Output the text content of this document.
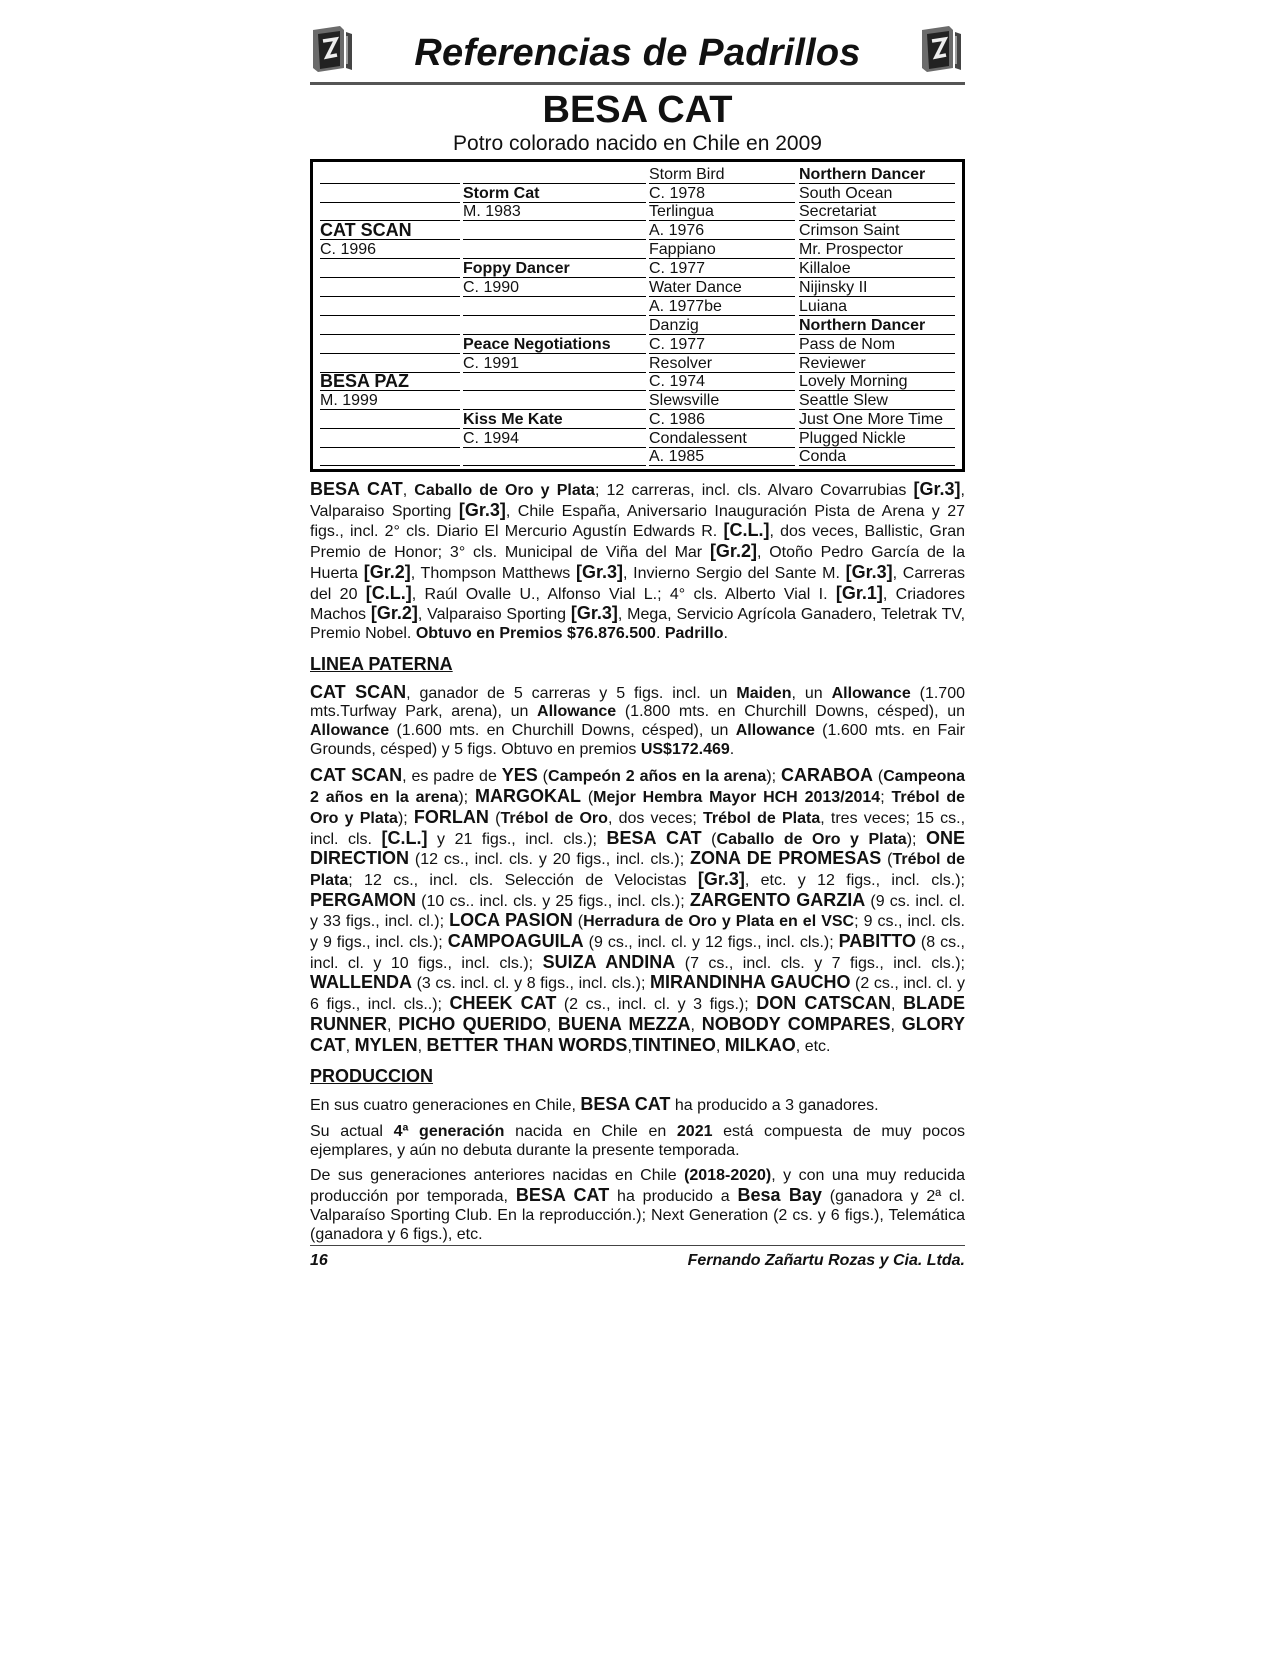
Referencias de Padrillos
BESA CAT
Potro colorado nacido en Chile en 2009
CAT SCAN
C. 1996
BESA PAZ
M. 1999
Storm Cat
M. 1983
Foppy Dancer
C. 1990
Peace Negotiations
C. 1991
Kiss Me Kate
C. 1994
Storm Bird
C. 1978
Terlingua
A. 1976
Fappiano
C. 1977
Water Dance
A. 1977be
Danzig
C. 1977
Resolver
C. 1974
Slewsville
C. 1986
Condalessent
A. 1985
Northern Dancer
South Ocean
Secretariat
Crimson Saint
Mr. Prospector
Killaloe
Nijinsky II
Luiana
Northern Dancer
Pass de Nom
Reviewer
Lovely Morning
Seattle Slew
Just One More Time
Plugged Nickle
Conda
BESA CAT, Caballo de Oro y Plata; 12 carreras, incl. cls. Alvaro Covarrubias [Gr.3], Valparaiso Sporting [Gr.3], Chile España, Aniversario Inauguración Pista de Arena y 27 figs., incl. 2° cls. Diario El Mercurio Agustín Edwards R. [C.L.], dos veces, Ballistic, Gran Premio de Honor; 3° cls. Municipal de Viña del Mar [Gr.2], Otoño Pedro García de la Huerta [Gr.2], Thompson Matthews [Gr.3], Invierno Sergio del Sante M. [Gr.3], Carreras del 20 [C.L.], Raúl Ovalle U., Alfonso Vial L.; 4° cls. Alberto Vial I. [Gr.1], Criadores Machos [Gr.2], Valparaiso Sporting [Gr.3], Mega, Servicio Agrícola Ganadero, Teletrak TV, Premio Nobel. Obtuvo en Premios $76.876.500. Padrillo.
LINEA PATERNA
CAT SCAN, ganador de 5 carreras y 5 figs. incl. un Maiden, un Allowance (1.700 mts.Turfway Park, arena), un Allowance (1.800 mts. en Churchill Downs, césped), un Allowance (1.600 mts. en Churchill Downs, césped), un Allowance (1.600 mts. en Fair Grounds, césped) y 5 figs. Obtuvo en premios US$172.469.
CAT SCAN, es padre de YES (Campeón 2 años en la arena); CARABOA (Campeona 2 años en la arena); MARGOKAL (Mejor Hembra Mayor HCH 2013/2014; Trébol de Oro y Plata); FORLAN (Trébol de Oro, dos veces; Trébol de Plata, tres veces; 15 cs., incl. cls. [C.L.] y 21 figs., incl. cls.); BESA CAT (Caballo de Oro y Plata); ONE DIRECTION (12 cs., incl. cls. y 20 figs., incl. cls.); ZONA DE PROMESAS (Trébol de Plata; 12 cs., incl. cls. Selección de Velocistas [Gr.3], etc. y 12 figs., incl. cls.); PERGAMON (10 cs.. incl. cls. y 25 figs., incl. cls.); ZARGENTO GARZIA (9 cs. incl. cl. y 33 figs., incl. cl.); LOCA PASION (Herradura de Oro y Plata en el VSC; 9 cs., incl. cls. y 9 figs., incl. cls.); CAMPOAGUILA (9 cs., incl. cl. y 12 figs., incl. cls.); PABITTO (8 cs., incl. cl. y 10 figs., incl. cls.); SUIZA ANDINA (7 cs., incl. cls. y 7 figs., incl. cls.); WALLENDA (3 cs. incl. cl. y 8 figs., incl. cls.); MIRANDINHA GAUCHO (2 cs., incl. cl. y 6 figs., incl. cls..); CHEEK CAT (2 cs., incl. cl. y 3 figs.); DON CATSCAN, BLADE RUNNER, PICHO QUERIDO, BUENA MEZZA, NOBODY COMPARES, GLORY CAT, MYLEN, BETTER THAN WORDS,TINTINEO, MILKAO, etc.
PRODUCCION
En sus cuatro generaciones en Chile, BESA CAT ha producido a 3 ganadores.
Su actual 4ª generación nacida en Chile en 2021 está compuesta de muy pocos ejemplares, y aún no debuta durante la presente temporada.
De sus generaciones anteriores nacidas en Chile (2018-2020), y con una muy reducida producción por temporada, BESA CAT ha producido a Besa Bay (ganadora y 2ª cl. Valparaíso Sporting Club. En la reproducción.); Next Generation (2 cs. y 6 figs.), Telemática (ganadora y 6 figs.), etc.
16	Fernando Zañartu Rozas y Cia. Ltda.
